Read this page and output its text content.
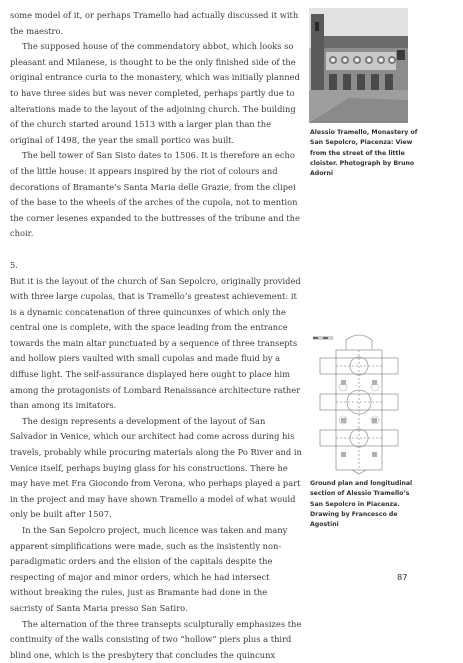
some model of it, or perhaps Tramello had actually discussed it with the maestro.

The supposed house of the commendatory abbot, which looks so pleasant and Milanese, is thought to be the only finished side of the original entrance curia to the monastery, which was initially planned to have three sides but was never completed, perhaps partly due to alterations made to the layout of the adjoining church. The building of the church started around 1513 with a larger plan than the original of 1498, the year the small portico was built.

The bell tower of San Sisto dates to 1506. It is therefore an echo of the little house: it appears inspired by the riot of colours and decorations of Bramante’s Santa Maria delle Grazie, from the clipei of the base to the wheels of the arches of the cupola, not to mention the corner lesenes expanded to the buttresses of the tribune and the choir.

5.

But it is the layout of the church of San Sepolcro, originally provided with three large cupolas, that is Tramello’s greatest achievement: it is a dynamic concatenation of three quincunxes of which only the central one is complete, with the space leading from the entrance towards the main altar punctuated by a sequence of three transepts and hollow piers vaulted with small cupolas and made fluid by a diffuse light. The self-assurance displayed here ought to place him among the protagonists of Lombard Renaissance architecture rather than among its imitators.

The design represents a development of the layout of San Salvador in Venice, which our architect had come across during his travels, probably while procuring materials along the Po River and in Venice itself, perhaps buying glass for his constructions. There he may have met Fra Giocondo from Verona, who perhaps played a part in the project and may have shown Tramello a model of what would only be built after 1507.

In the San Sepolcro project, much licence was taken and many apparent simplifications were made, such as the insistently non-paradigmatic orders and the elision of the capitals despite the respecting of major and minor orders, which he had intersect without breaking the rules, just as Bramante had done in the sacristy of Santa Maria presso San Satiro.

The alternation of the three transepts sculpturally emphasizes the continuity of the walls consisting of two “hollow” piers plus a third blind one, which is the presbytery that concludes the quincunx

Alessio Tramello, Monastery of San Sepolcro, Piacenza: View from the street of the little cloister. Photograph by Bruno Adorni
Ground plan and longitudinal section of Alessio Tramello’s San Sepolcro in Piacenza. Drawing by Francesco de Agostini
87
